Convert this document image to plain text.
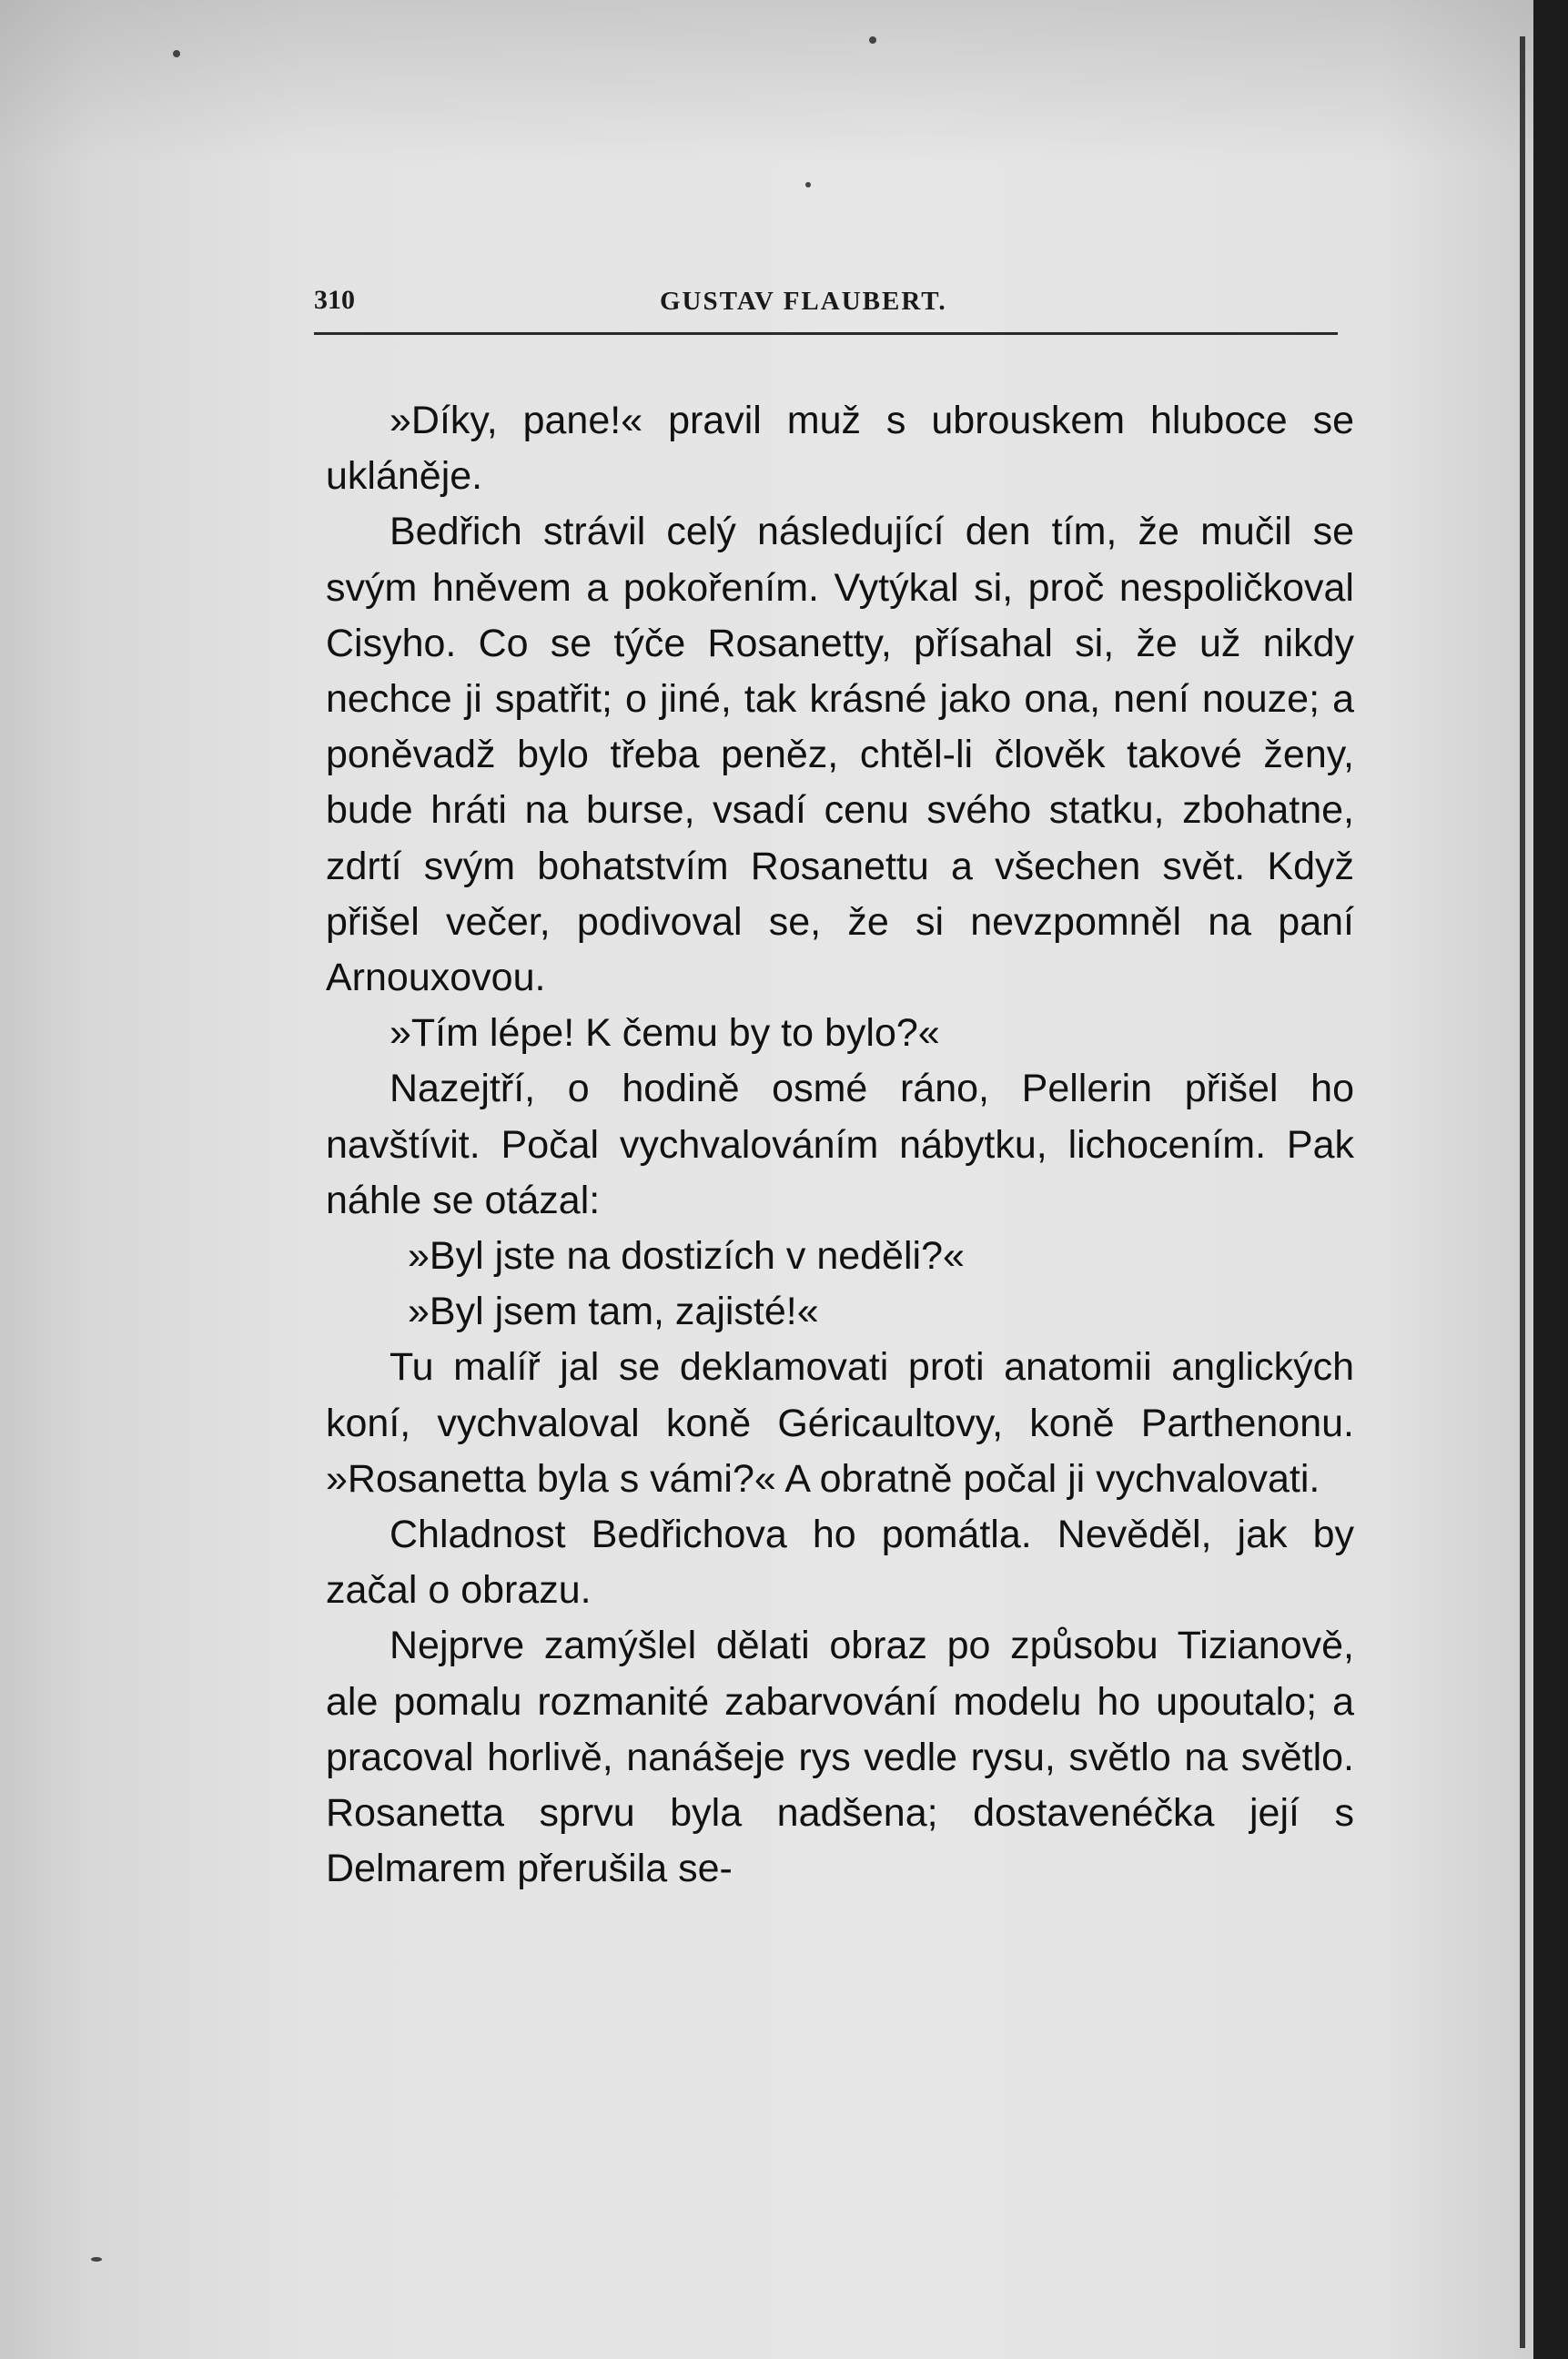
310	GUSTAV FLAUBERT.

»Díky, pane!« pravil muž s ubrouskem hluboce se ukláněje.

Bedřich strávil celý následující den tím, že mučil se svým hněvem a pokořením. Vytýkal si, proč nespoličkoval Cisyho. Co se týče Rosanetty, přísahal si, že už nikdy nechce ji spatřit; o jiné, tak krásné jako ona, není nouze; a poněvadž bylo třeba peněz, chtěl-li člověk takové ženy, bude hráti na burse, vsadí cenu svého statku, zbohatne, zdrtí svým bohatstvím Rosanettu a všechen svět. Když přišel večer, podivoval se, že si nevzpomněl na paní Arnouxovou.

»Tím lépe! K čemu by to bylo?«

Nazejtří, o hodině osmé ráno, Pellerin přišel ho navštívit. Počal vychvalováním nábytku, lichocením. Pak náhle se otázal:

»Byl jste na dostizích v neděli?«

»Byl jsem tam, zajisté!«

Tu malíř jal se deklamovati proti anatomii anglických koní, vychvaloval koně Géricaultovy, koně Parthenonu. »Rosanetta byla s vámi?« A obratně počal ji vychvalovati.

Chladnost Bedřichova ho pomátla. Nevěděl, jak by začal o obrazu.

Nejprve zamýšlel dělati obraz po způsobu Tizianově, ale pomalu rozmanité zabarvování modelu ho upoutalo; a pracoval horlivě, nanášeje rys vedle rysu, světlo na světlo. Rosanetta sprvu byla nadšena; dostavenéčka její s Delmarem přerušila se-
